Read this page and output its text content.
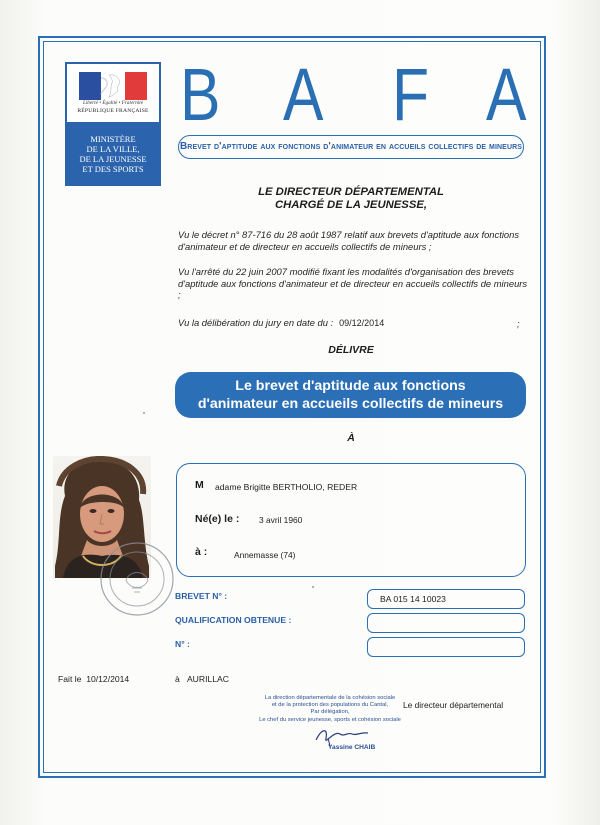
Liberté • Égalité • Fraternité
RÉPUBLIQUE FRANÇAISE
MINISTÈRE
DE LA VILLE,
DE LA JEUNESSE
ET DES SPORTS
B A F A
Brevet d'aptitude aux fonctions d'animateur en accueils collectifs de mineurs
LE DIRECTEUR DÉPARTEMENTAL
CHARGÉ DE LA JEUNESSE,
Vu le décret n° 87-716 du 28 août 1987 relatif aux brevets d'aptitude aux fonctions d'animateur et de directeur en accueils collectifs de mineurs ;
Vu l'arrêté du 22 juin 2007 modifié fixant les modalités d'organisation des brevets d'aptitude aux fonctions d'animateur et de directeur en accueils collectifs de mineurs ;
Vu la délibération du jury en date du : 09/12/2014	;
DÉLIVRE
Le brevet d'aptitude aux fonctions
d'animateur en accueils collectifs de mineurs
À
M adame Brigitte BERTHOLIO, REDER
Né(e) le : 3 avril 1960
à :	Annemasse (74)
BREVET N° :	BA 015 14 10023
QUALIFICATION OBTENUE :
N° :
Fait le 10/12/2014	à AURILLAC
La direction départementale de la cohésion sociale
et de la protection des populations du Cantal,
Par délégation,
Le chef du service jeunesse, sports et cohésion sociale
Le directeur départemental
Yassine CHAIB
